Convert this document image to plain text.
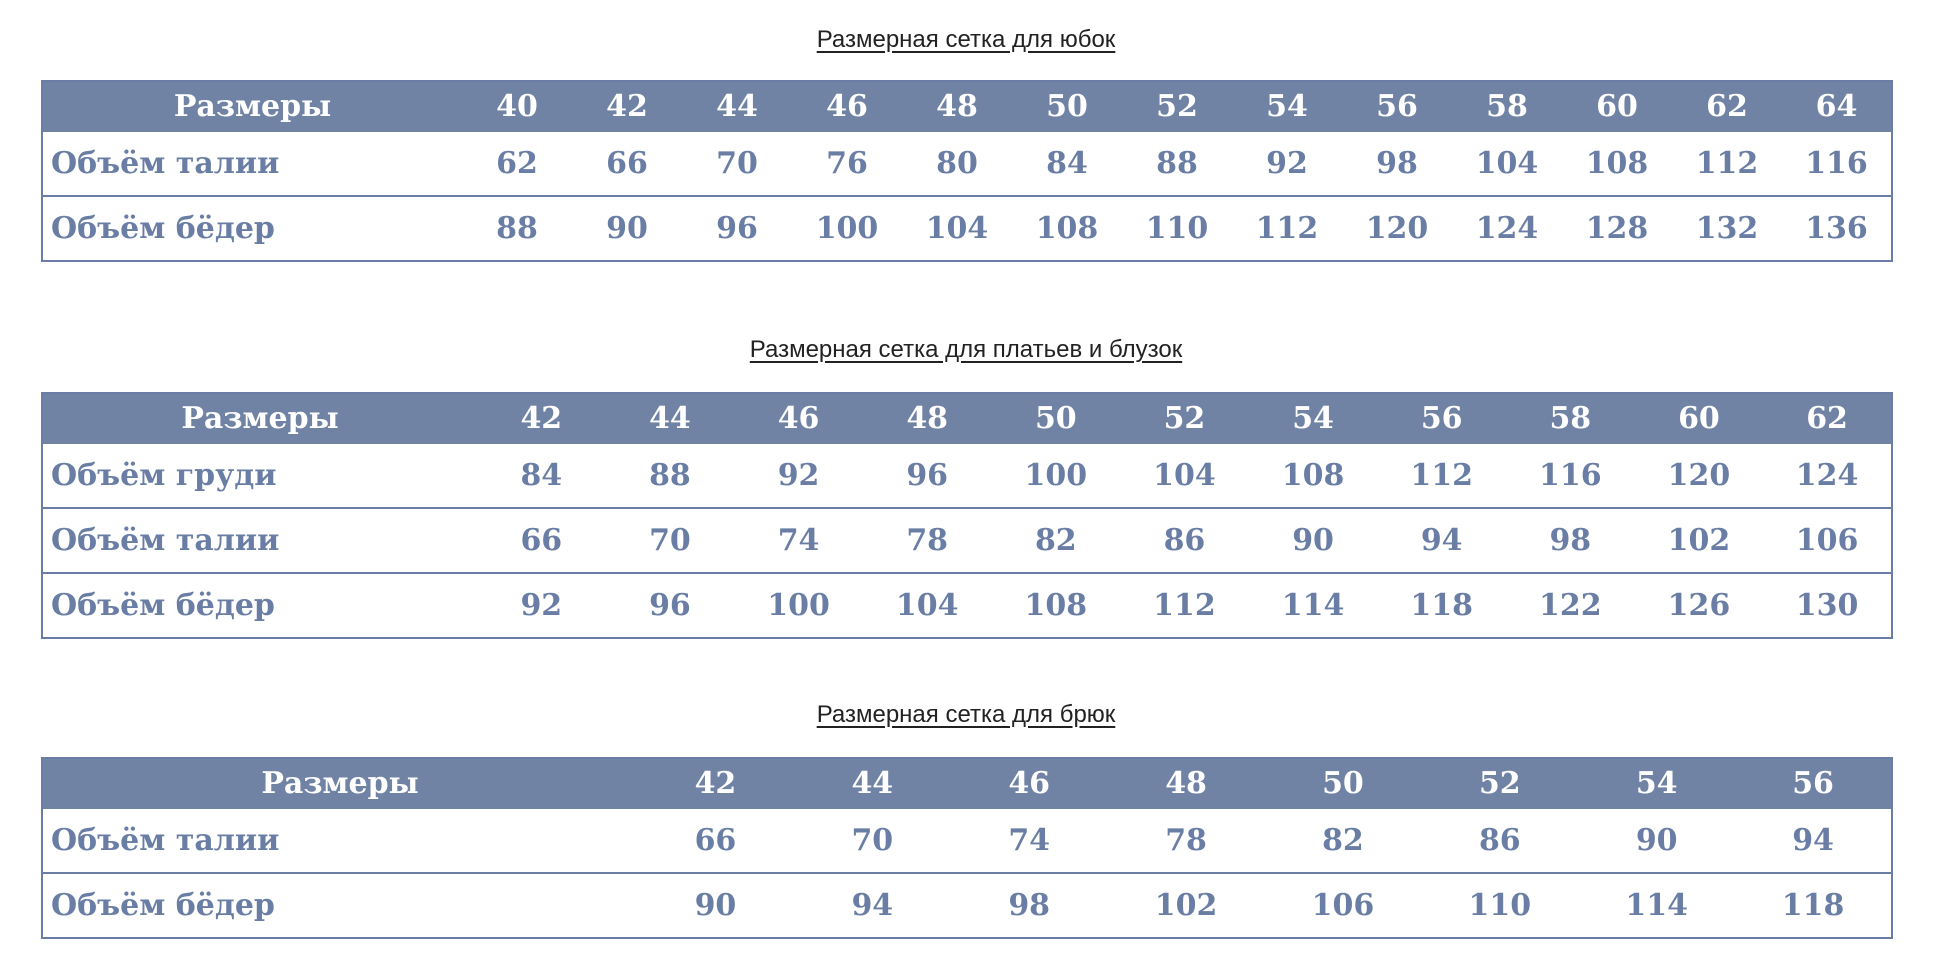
Размерная сетка для юбок
Размеры	40	42	44	46	48	50	52	54	56	58	60	62	64
Объём талии	62	66	70	76	80	84	88	92	98	104	108	112	116
Объём бёдер	88	90	96	100	104	108	110	112	120	124	128	132	136
Размерная сетка для платьев и блузок
Размеры	42	44	46	48	50	52	54	56	58	60	62
Объём груди	84	88	92	96	100	104	108	112	116	120	124
Объём талии	66	70	74	78	82	86	90	94	98	102	106
Объём бёдер	92	96	100	104	108	112	114	118	122	126	130
Размерная сетка для брюк
Размеры	42	44	46	48	50	52	54	56
Объём талии	66	70	74	78	82	86	90	94
Объём бёдер	90	94	98	102	106	110	114	118
